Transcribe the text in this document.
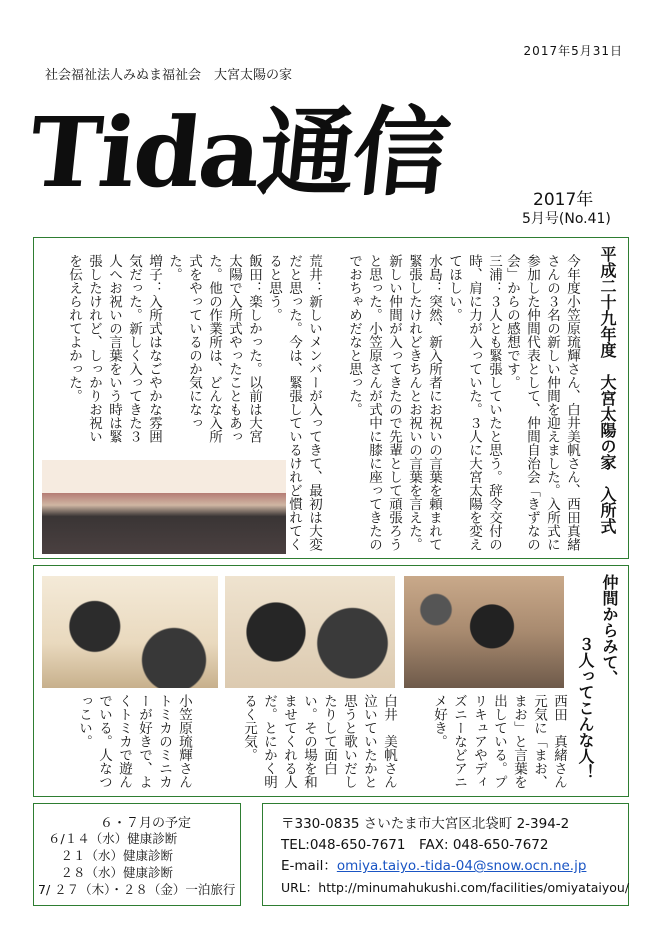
2017年5月31日
社会福祉法人みぬま福祉会　大宮太陽の家
Tida通信	2017年
5月号(No.41)
平成二十九年度　大宮太陽の家　入所式
今年度小笠原琉輝さん、白井美帆さん、西田真緒さんの３名の新しい仲間を迎えました。入所式に参加した仲間代表として、仲間自治会「きずなの会」からの感想です。
三浦：３人とも緊張していたと思う。辞令交付の時、肩に力が入っていた。３人に大宮太陽を変えてほしい。
水島：突然、新入所者にお祝いの言葉を頼まれて緊張したけれどきちんとお祝いの言葉を言えた。新しい仲間が入ってきたので先輩として頑張ろうと思った。小笠原さんが式中に膝に座ってきたのでおちゃめだなと思った。
荒井：新しいメンバーが入ってきて、最初は大変だと思った。今は、緊張しているけれど慣れてくると思う。
飯田：楽しかった。以前は大宮太陽で入所式やったこともあった。他の作業所は、どんな入所式をやっているのか気になった。
増子：入所式はなごやかな雰囲気だった。新しく入ってきた３人へお祝いの言葉をいう時は緊張したけれど、しっかりお祝いを伝えられてよかった。
仲間からみて、
３人ってこんな人！
西田　真緒さん　元気に「まお、まお」と言葉を出している。プリキュアやディズニーなどアニメ好き。
白井　美帆さん　泣いていたかと思うと歌いだしたりして面白い。その場を和ませてくれる人だ。とにかく明るく元気。
小笠原琉輝さん　トミカのミニカーが好きで、よくトミカで遊んでいる。人なつっこい。
６・７月の予定
６/１４（水）健康診断
　２１（水）健康診断
　２８（水）健康診断
7/ ２７（木）・２８（金）一泊旅行
〒330-0835 さいたま市大宮区北袋町 2-394-2
TEL:048-650-7671　FAX: 048-650-7672
E-mail：omiya.taiyo.-tida-04@snow.ocn.ne.jp
URL：http://minumahukushi.com/facilities/omiyataiyou/
